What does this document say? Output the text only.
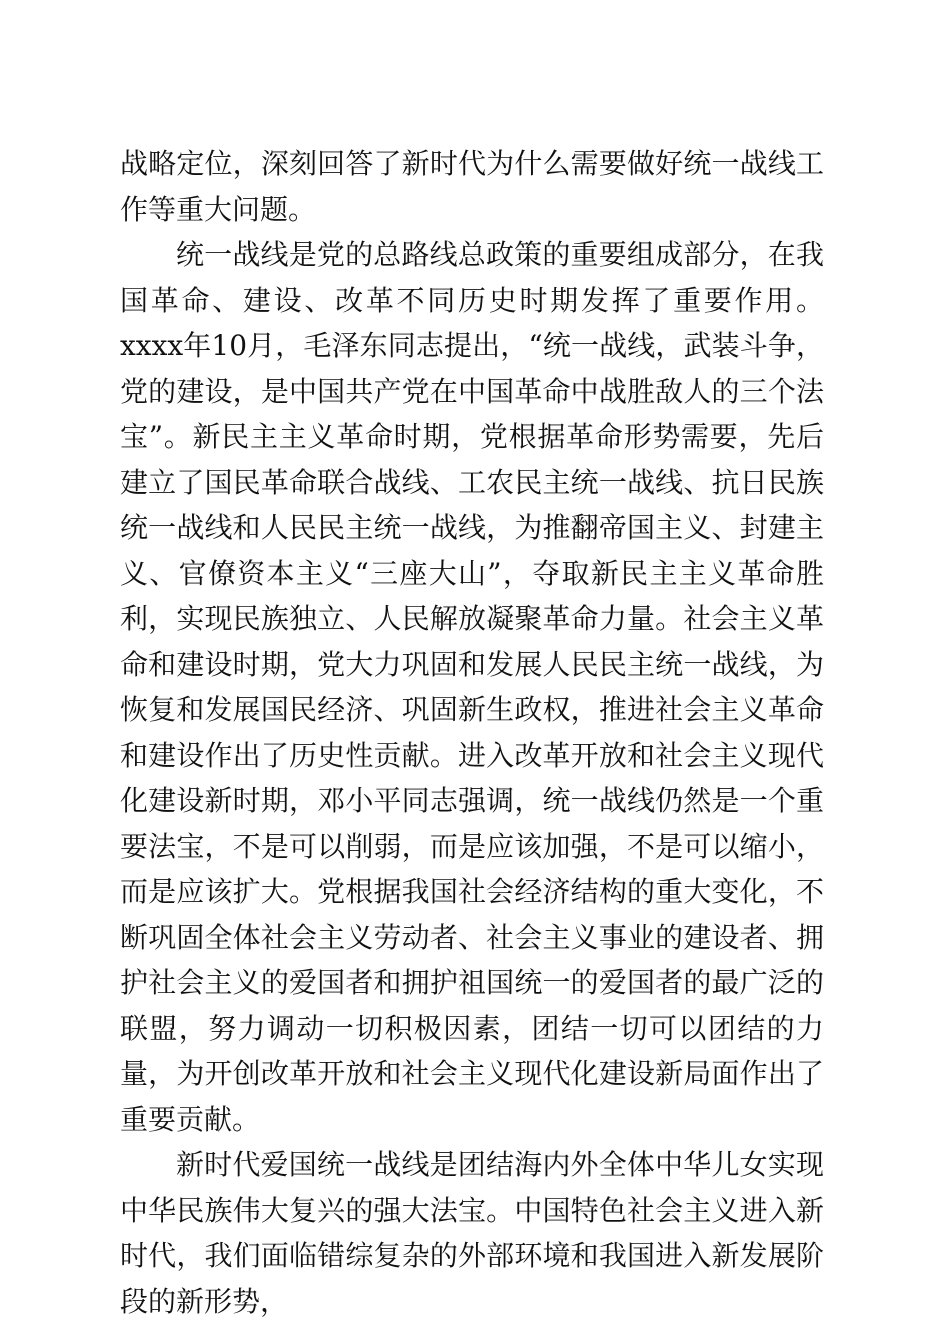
战略定位，深刻回答了新时代为什么需要做好统一战线工作等重大问题。

统一战线是党的总路线总政策的重要组成部分，在我国革命、建设、改革不同历史时期发挥了重要作用。xxxx年10月，毛泽东同志提出，“统一战线，武装斗争，党的建设，是中国共产党在中国革命中战胜敌人的三个法宝”。新民主主义革命时期，党根据革命形势需要，先后建立了国民革命联合战线、工农民主统一战线、抗日民族统一战线和人民民主统一战线，为推翻帝国主义、封建主义、官僚资本主义“三座大山”，夺取新民主主义革命胜利，实现民族独立、人民解放凝聚革命力量。社会主义革命和建设时期，党大力巩固和发展人民民主统一战线，为恢复和发展国民经济、巩固新生政权，推进社会主义革命和建设作出了历史性贡献。进入改革开放和社会主义现代化建设新时期，邓小平同志强调，统一战线仍然是一个重要法宝，不是可以削弱，而是应该加强，不是可以缩小，而是应该扩大。党根据我国社会经济结构的重大变化，不断巩固全体社会主义劳动者、社会主义事业的建设者、拥护社会主义的爱国者和拥护祖国统一的爱国者的最广泛的联盟，努力调动一切积极因素，团结一切可以团结的力量，为开创改革开放和社会主义现代化建设新局面作出了重要贡献。

新时代爱国统一战线是团结海内外全体中华儿女实现中华民族伟大复兴的强大法宝。中国特色社会主义进入新时代，我们面临错综复杂的外部环境和我国进入新发展阶段的新形势，
